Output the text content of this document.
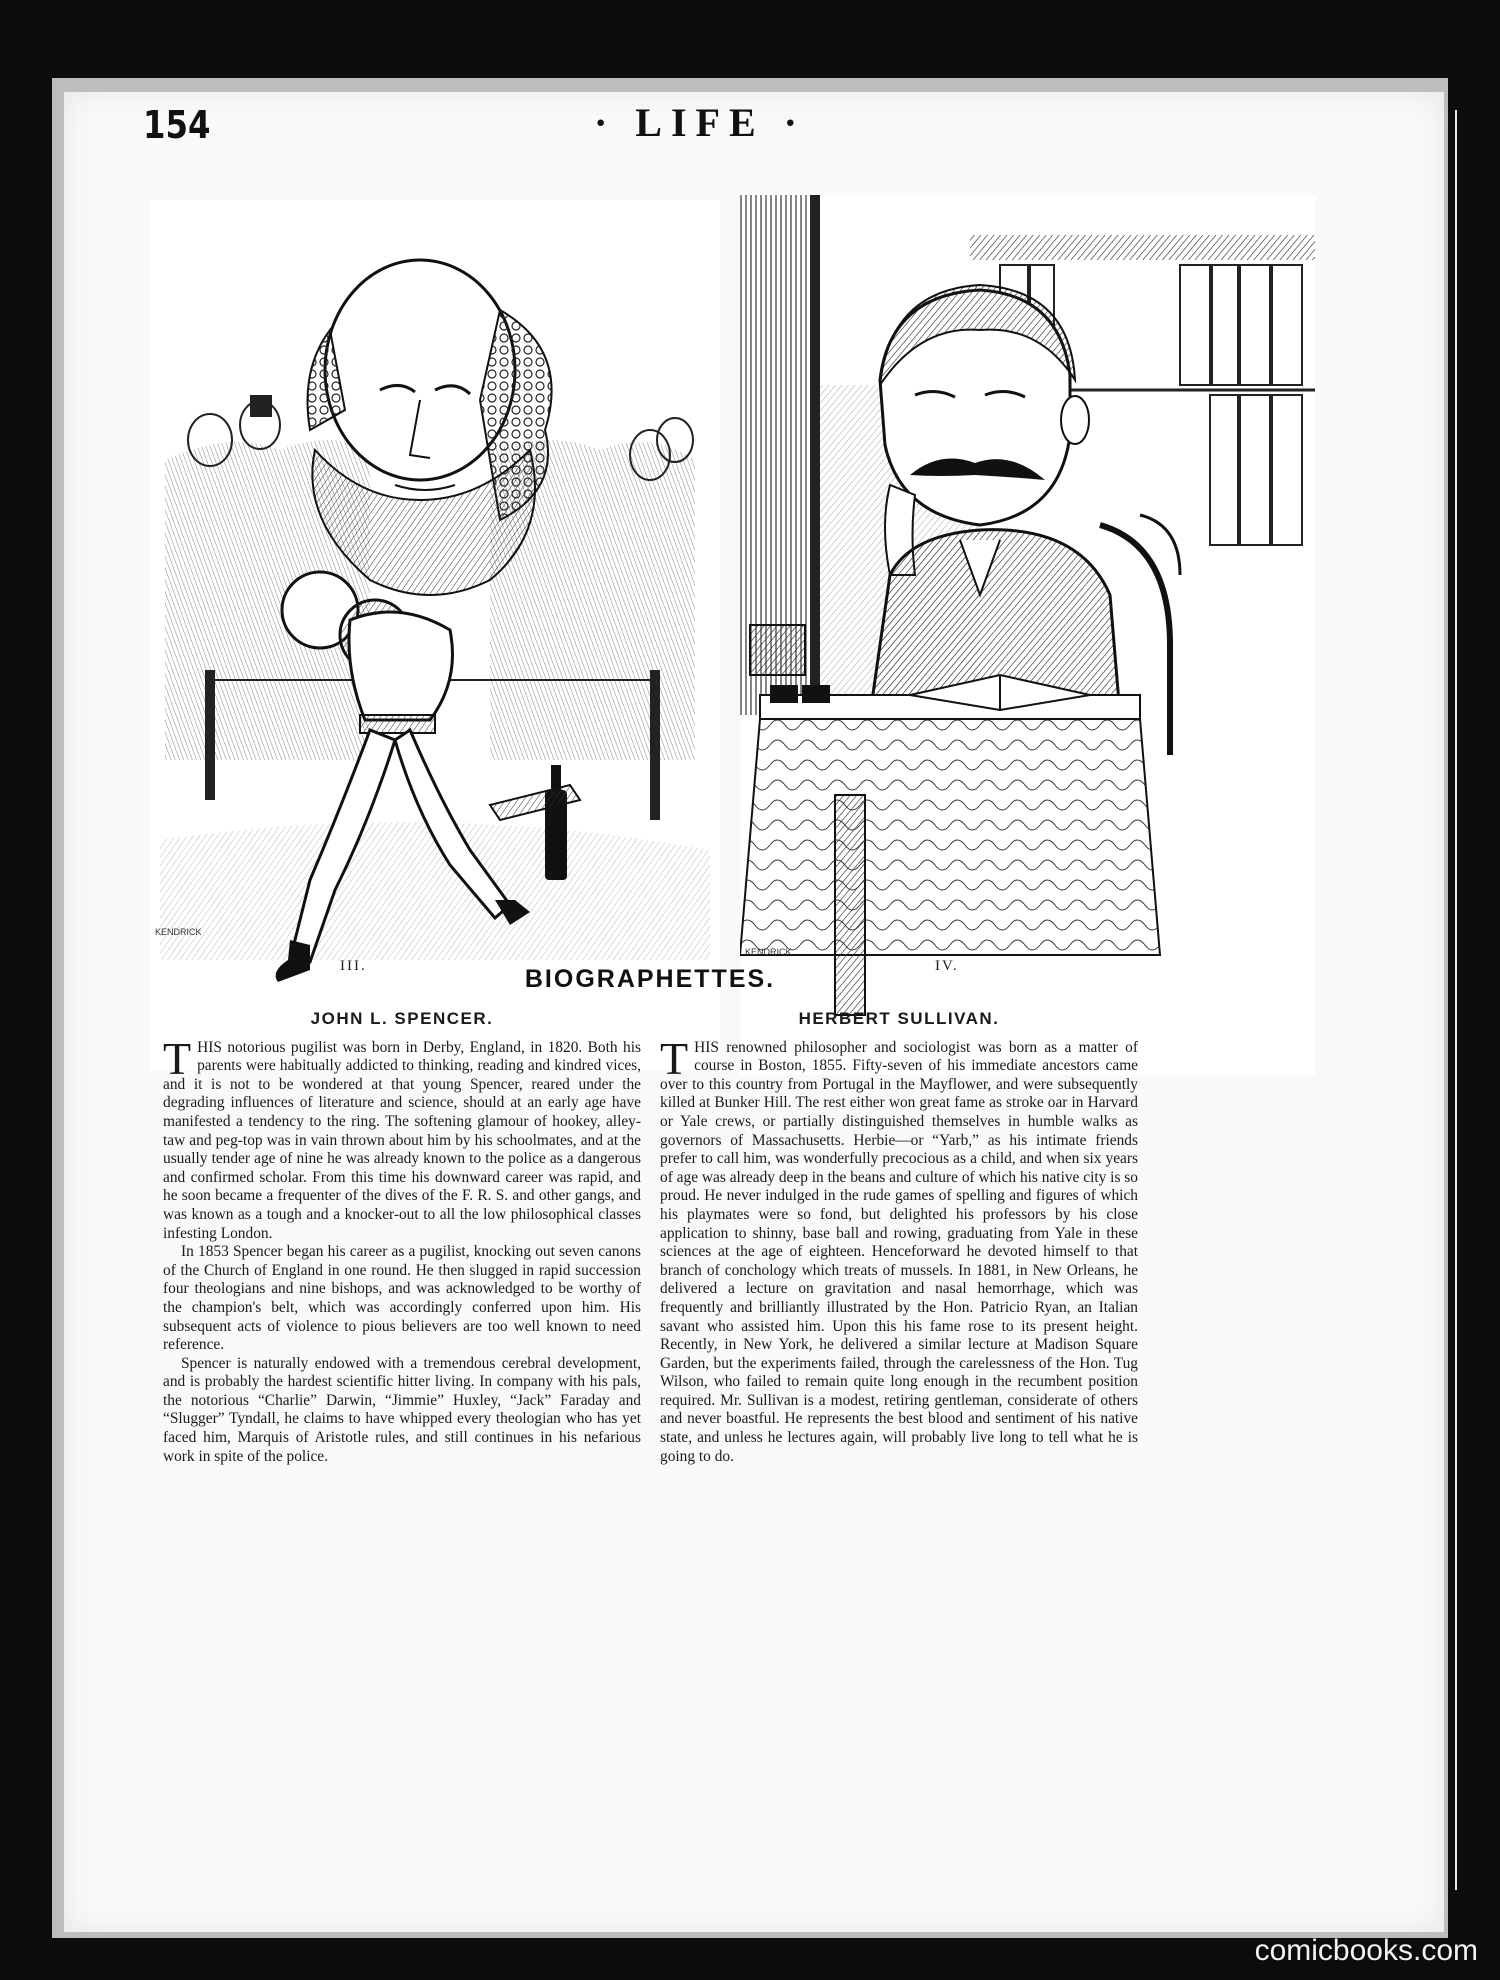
154	· LIFE ·
KENDRICK
KENDRICK
III.	IV.
BIOGRAPHETTES.
JOHN L. SPENCER.

THIS notorious pugilist was born in Derby, England, in 1820. Both his parents were habitually addicted to thinking, reading and kindred vices, and it is not to be wondered at that young Spencer, reared under the degrading influences of literature and science, should at an early age have manifested a tendency to the ring. The softening glamour of hookey, alley-taw and peg-top was in vain thrown about him by his schoolmates, and at the usually tender age of nine he was already known to the police as a dangerous and confirmed scholar. From this time his downward career was rapid, and he soon became a frequenter of the dives of the F. R. S. and other gangs, and was known as a tough and a knocker-out to all the low philosophical classes infesting London.

In 1853 Spencer began his career as a pugilist, knocking out seven canons of the Church of England in one round. He then slugged in rapid succession four theologians and nine bishops, and was acknowledged to be worthy of the champion's belt, which was accordingly conferred upon him. His subsequent acts of violence to pious believers are too well known to need reference.

Spencer is naturally endowed with a tremendous cerebral development, and is probably the hardest scientific hitter living. In company with his pals, the notorious “Charlie” Darwin, “Jimmie” Huxley, “Jack” Faraday and “Slugger” Tyndall, he claims to have whipped every theologian who has yet faced him, Marquis of Aristotle rules, and still continues in his nefarious work in spite of the police.

HERBERT SULLIVAN.

THIS renowned philosopher and sociologist was born as a matter of course in Boston, 1855. Fifty-seven of his immediate ancestors came over to this country from Portugal in the Mayflower, and were subsequently killed at Bunker Hill. The rest either won great fame as stroke oar in Harvard or Yale crews, or partially distinguished themselves in humble walks as governors of Massachusetts. Herbie—or “Yarb,” as his intimate friends prefer to call him, was wonderfully precocious as a child, and when six years of age was already deep in the beans and culture of which his native city is so proud. He never indulged in the rude games of spelling and figures of which his playmates were so fond, but delighted his professors by his close application to shinny, base ball and rowing, graduating from Yale in these sciences at the age of eighteen. Henceforward he devoted himself to that branch of conchology which treats of mussels. In 1881, in New Orleans, he delivered a lecture on gravitation and nasal hemorrhage, which was frequently and brilliantly illustrated by the Hon. Patricio Ryan, an Italian savant who assisted him. Upon this his fame rose to its present height. Recently, in New York, he delivered a similar lecture at Madison Square Garden, but the experiments failed, through the carelessness of the Hon. Tug Wilson, who failed to remain quite long enough in the recumbent position required. Mr. Sullivan is a modest, retiring gentleman, considerate of others and never boastful. He represents the best blood and sentiment of his native state, and unless he lectures again, will probably live long to tell what he is going to do.

comicbooks.com
